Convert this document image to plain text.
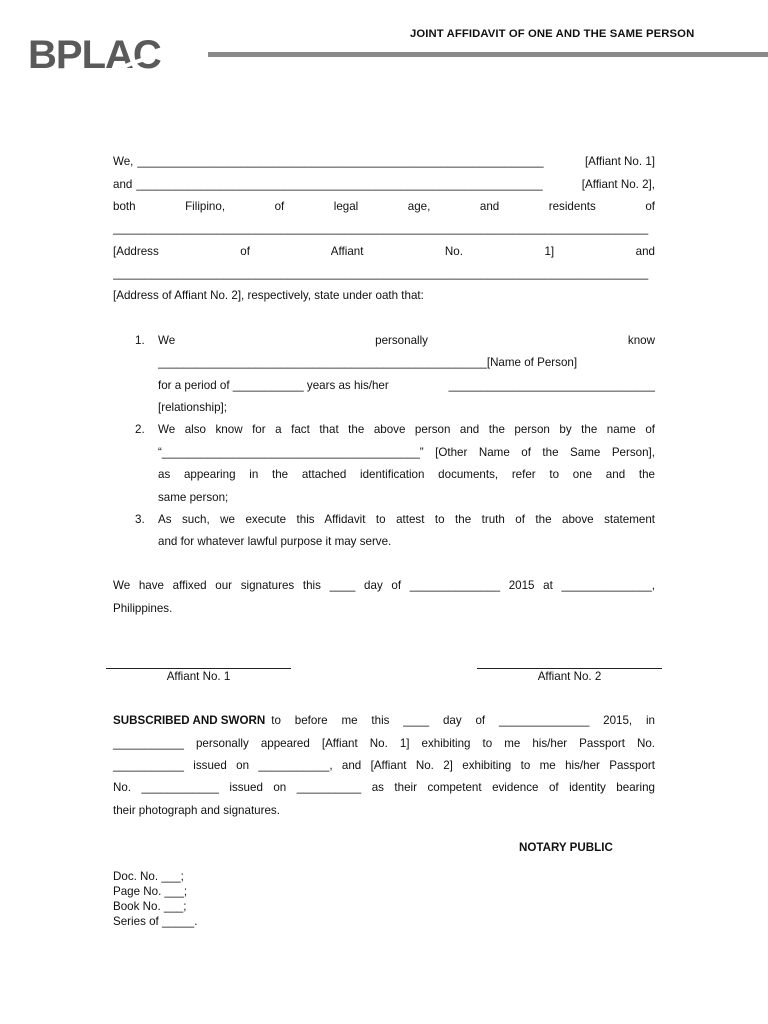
BPLAC	JOINT AFFIDAVIT OF ONE AND THE SAME PERSON
We, _______________________________________________________________	[Affiant No. 1]
and _______________________________________________________________	[Affiant No. 2],
both Filipino, of legal age, and residents of
___________________________________________________________________________________
[Address of Affiant No. 1] and
___________________________________________________________________________________
[Address of Affiant No. 2], respectively, state under oath that:
1. We personally know
___________________________________________________[Name of Person]
for a period of ___________ years as his/her	________________________________
[relationship];
2. We also know for a fact that the above person and the person by the name of
“________________________________________” [Other Name of the Same Person],
as appearing in the attached identification documents, refer to one and the
same person;
3. As such, we execute this Affidavit to attest to the truth of the above statement
and for whatever lawful purpose it may serve.
We have affixed our signatures this ____ day of ______________ 2015 at ______________,
Philippines.
Affiant No. 1	Affiant No. 2
SUBSCRIBED AND SWORN to before me this ____ day of ______________ 2015, in
___________ personally appeared [Affiant No. 1] exhibiting to me his/her Passport No.
___________ issued on ___________, and [Affiant No. 2] exhibiting to me his/her Passport
No. ____________ issued on __________ as their competent evidence of identity bearing
their photograph and signatures.
NOTARY PUBLIC
Doc. No. ___;
Page No. ___;
Book No. ___;
Series of _____.
